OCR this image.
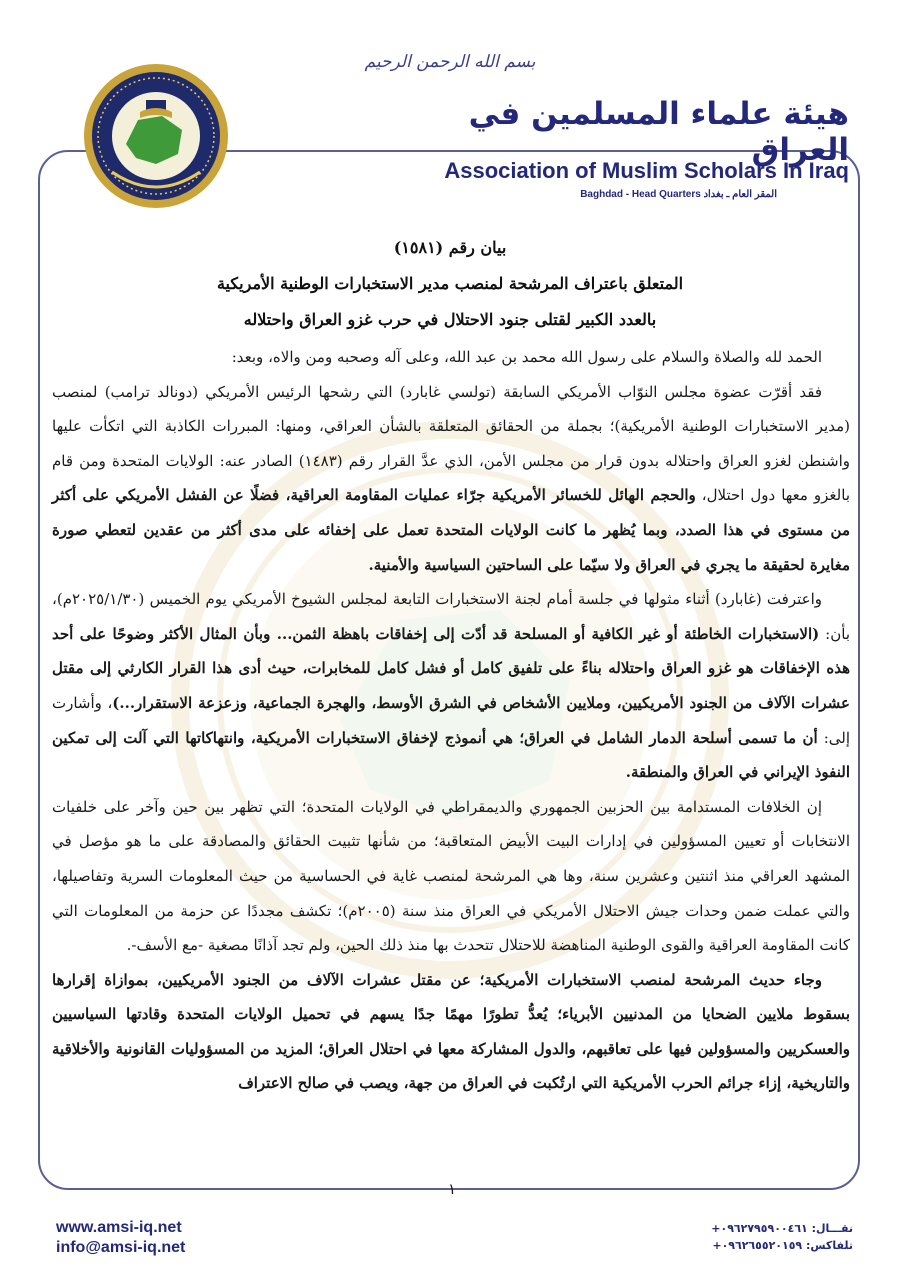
بسم الله الرحمن الرحيم
هيئة علماء المسلمين في العراق
Association of Muslim Scholars In Iraq
Baghdad - Head Quarters المقر العام ـ بغداد
بيان رقم (١٥٨١)
المتعلق باعتراف المرشحة لمنصب مدير الاستخبارات الوطنية الأمريكية
بالعدد الكبير لقتلى جنود الاحتلال في حرب غزو العراق واحتلاله

الحمد لله والصلاة والسلام على رسول الله محمد بن عبد الله، وعلى آله وصحبه ومن والاه، وبعد:

فقد أقرّت عضوة مجلس النوّاب الأمريكي السابقة (تولسي غابارد) التي رشحها الرئيس الأمريكي (دونالد ترامب) لمنصب (مدير الاستخبارات الوطنية الأمريكية)؛ بجملة من الحقائق المتعلقة بالشأن العراقي، ومنها: المبررات الكاذبة التي اتكأت عليها واشنطن لغزو العراق واحتلاله بدون قرار من مجلس الأمن، الذي عدَّ القرار رقم (١٤٨٣) الصادر عنه: الولايات المتحدة ومن قام بالغزو معها دول احتلال، والحجم الهائل للخسائر الأمريكية جرّاء عمليات المقاومة العراقية، فضلًا عن الفشل الأمريكي على أكثر من مستوى في هذا الصدد، وبما يُظهر ما كانت الولايات المتحدة تعمل على إخفائه على مدى أكثر من عقدين لتعطي صورة مغايرة لحقيقة ما يجري في العراق ولا سيّما على الساحتين السياسية والأمنية.

واعترفت (غابارد) أثناء مثولها في جلسة أمام لجنة الاستخبارات التابعة لمجلس الشيوخ الأمريكي يوم الخميس (٢٠٢٥/١/٣٠م)، بأن: (الاستخبارات الخاطئة أو غير الكافية أو المسلحة قد أدّت إلى إخفاقات باهظة الثمن... وبأن المثال الأكثر وضوحًا على أحد هذه الإخفاقات هو غزو العراق واحتلاله بناءً على تلفيق كامل أو فشل كامل للمخابرات، حيث أدى هذا القرار الكارثي إلى مقتل عشرات الآلاف من الجنود الأمريكيين، وملايين الأشخاص في الشرق الأوسط، والهجرة الجماعية، وزعزعة الاستقرار...)، وأشارت إلى: أن ما تسمى أسلحة الدمار الشامل في العراق؛ هي أنموذج لإخفاق الاستخبارات الأمريكية، وانتهاكاتها التي آلت إلى تمكين النفوذ الإيراني في العراق والمنطقة.

إن الخلافات المستدامة بين الحزبين الجمهوري والديمقراطي في الولايات المتحدة؛ التي تظهر بين حين وآخر على خلفيات الانتخابات أو تعيين المسؤولين في إدارات البيت الأبيض المتعاقبة؛ من شأنها تثبيت الحقائق والمصادقة على ما هو مؤصل في المشهد العراقي منذ اثنتين وعشرين سنة، وها هي المرشحة لمنصب غاية في الحساسية من حيث المعلومات السرية وتفاصيلها، والتي عملت ضمن وحدات جيش الاحتلال الأمريكي في العراق منذ سنة (٢٠٠٥م)؛ تكشف مجددًا عن حزمة من المعلومات التي كانت المقاومة العراقية والقوى الوطنية المناهضة للاحتلال تتحدث بها منذ ذلك الحين، ولم تجد آذانًا مصغية -مع الأسف-.

وجاء حديث المرشحة لمنصب الاستخبارات الأمريكية؛ عن مقتل عشرات الآلاف من الجنود الأمريكيين، بموازاة إقرارها بسقوط ملايين الضحايا من المدنيين الأبرياء؛ يُعدُّ تطورًا مهمًا جدًا يسهم في تحميل الولايات المتحدة وقادتها السياسيين والعسكريين والمسؤولين فيها على تعاقبهم، والدول المشاركة معها في احتلال العراق؛ المزيد من المسؤوليات القانونية والأخلاقية والتاريخية، إزاء جرائم الحرب الأمريكية التي ارتُكبت في العراق من جهة، ويصب في صالح الاعتراف

١
www.amsi-iq.net
info@amsi-iq.net
نقـــال: ٠٩٦٢٧٩٥٩٠٠٤٦١+
تلفاكس: ٠٩٦٢٦٥٥٢٠١٥٩+
